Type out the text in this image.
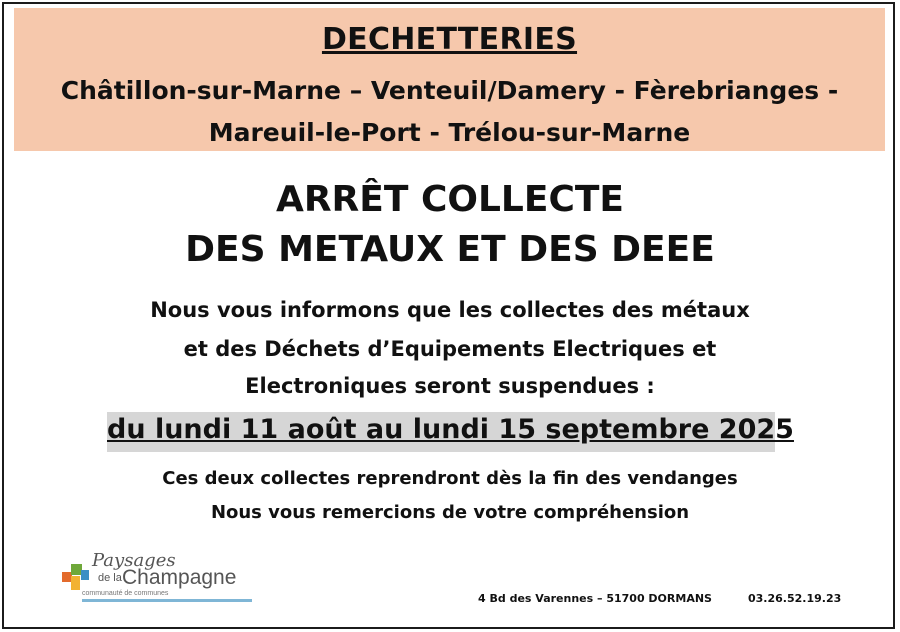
DECHETTERIES
Châtillon-sur-Marne – Venteuil/Damery - Fèrebrianges -
Mareuil-le-Port - Trélou-sur-Marne
ARRÊT COLLECTE
DES METAUX ET DES DEEE
Nous vous informons que les collectes des métaux
et des Déchets d’Equipements Electriques et
Electroniques seront suspendues :
du lundi 11 août au lundi 15 septembre 2025
Ces deux collectes reprendront dès la fin des vendanges
Nous vous remercions de votre compréhension
Paysages
de la Champagne
communauté de communes	4 Bd des Varennes – 51700 DORMANS	03.26.52.19.23
